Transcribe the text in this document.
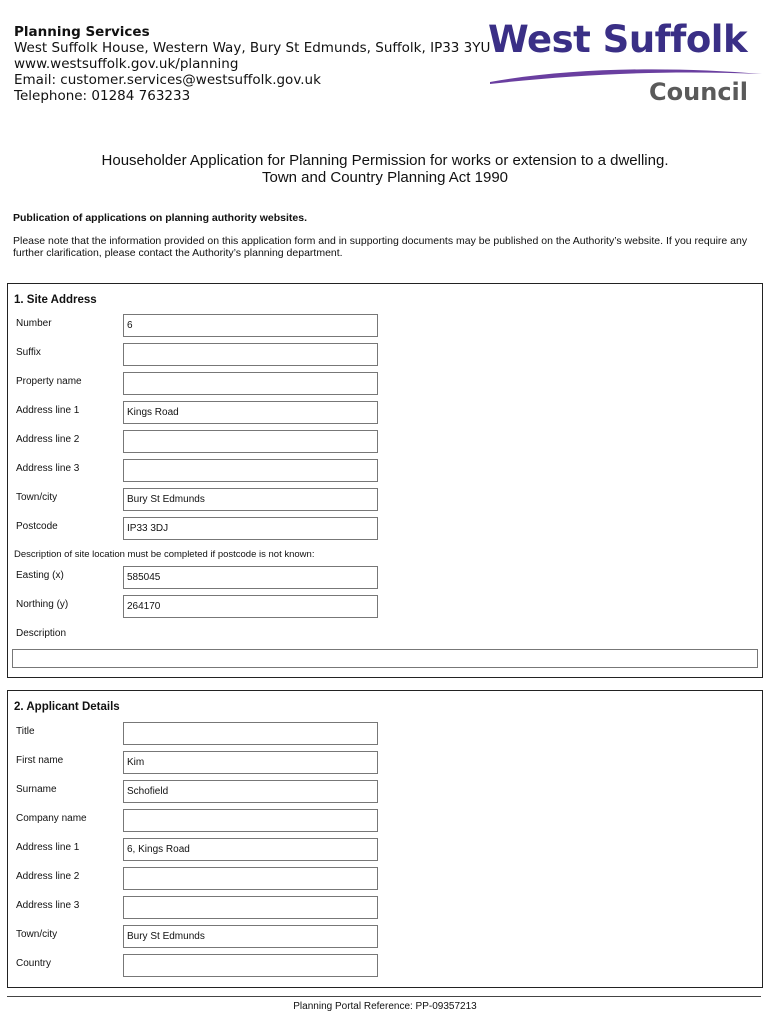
Planning Services
West Suffolk House, Western Way, Bury St Edmunds, Suffolk, IP33 3YU
www.westsuffolk.gov.uk/planning
Email: customer.services@westsuffolk.gov.uk
Telephone: 01284 763233
West Suffolk
Council
Householder Application for Planning Permission for works or extension to a dwelling.
Town and Country Planning Act 1990
Publication of applications on planning authority websites.
Please note that the information provided on this application form and in supporting documents may be published on the Authority’s website. If you require any further clarification, please contact the Authority’s planning department.
1. Site Address
Number	6
Suffix
Property name
Address line 1	Kings Road
Address line 2
Address line 3
Town/city	Bury St Edmunds
Postcode	IP33 3DJ
Description of site location must be completed if postcode is not known:
Easting (x)	585045
Northing (y)	264170
Description
2. Applicant Details
Title
First name	Kim
Surname	Schofield
Company name
Address line 1	6, Kings Road
Address line 2
Address line 3
Town/city	Bury St Edmunds
Country
Planning Portal Reference: PP-09357213
